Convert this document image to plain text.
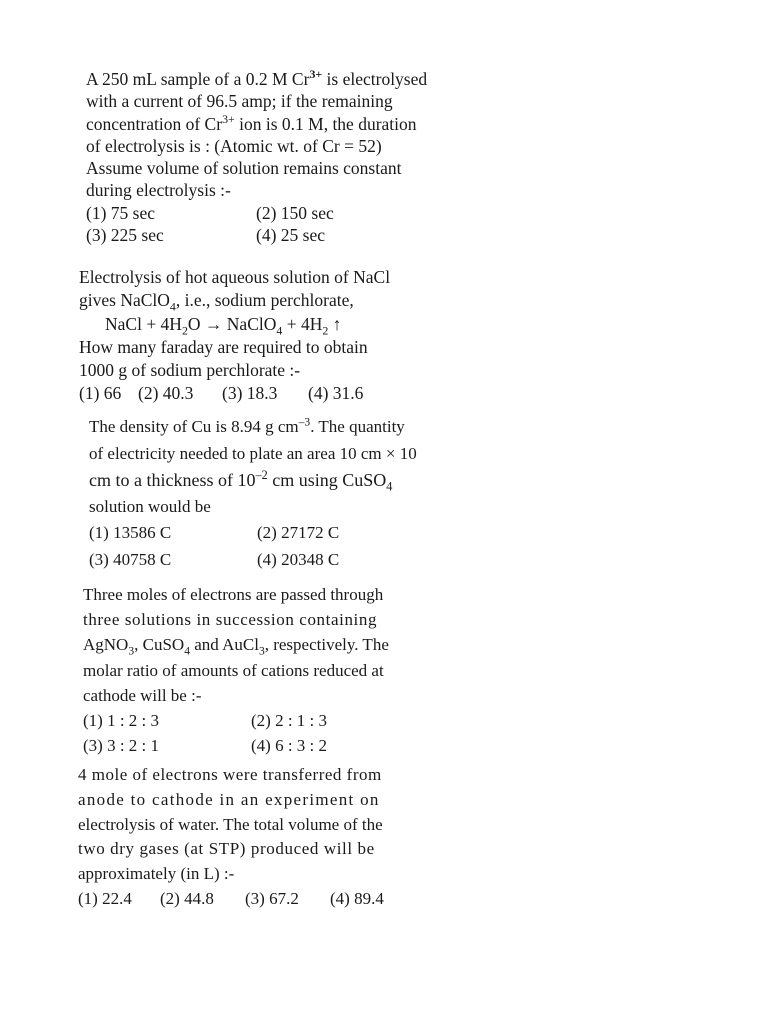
A 250 mL sample of a 0.2 M $Cr^{3+}$ is electrolysed
with a current of 96.5 amp; if the remaining
concentration of $Cr^{3+}$ ion is 0.1 M, the duration
of electrolysis is : (Atomic wt. of Cr = 52)
Assume volume of solution remains constant
during electrolysis :-
(1) 75 sec	(2) 150 sec
(3) 225 sec	(4) 25 sec
Electrolysis of hot aqueous solution of NaCl
gives NaClO$_4$, i.e., sodium perchlorate,
NaCl + $4H_2O$ → NaClO$_4$ + $4H_2$ ↑
How many faraday are required to obtain
1000 g of sodium perchlorate :-
(1) 66 (2) 40.3 (3) 18.3 (4) 31.6
The density of Cu is 8.94 g $cm^{-3}$. The quantity
of electricity needed to plate an area 10 cm × 10
cm to a thickness of $10^{-2}$ cm using CuSO$_4$
solution would be
(1) 13586 C	(2) 27172 C
(3) 40758 C	(4) 20348 C
Three moles of electrons are passed through
three solutions in succession containing
AgNO$_3$, CuSO$_4$ and AuCl$_3$, respectively. The
molar ratio of amounts of cations reduced at
cathode will be :-
(1) 1 : 2 : 3	(2) 2 : 1 : 3
(3) 3 : 2 : 1	(4) 6 : 3 : 2
4 mole of electrons were transferred from
anode to cathode in an experiment on
electrolysis of water. The total volume of the
two dry gases (at STP) produced will be
approximately (in L) :-
(1) 22.4 (2) 44.8 (3) 67.2 (4) 89.4
